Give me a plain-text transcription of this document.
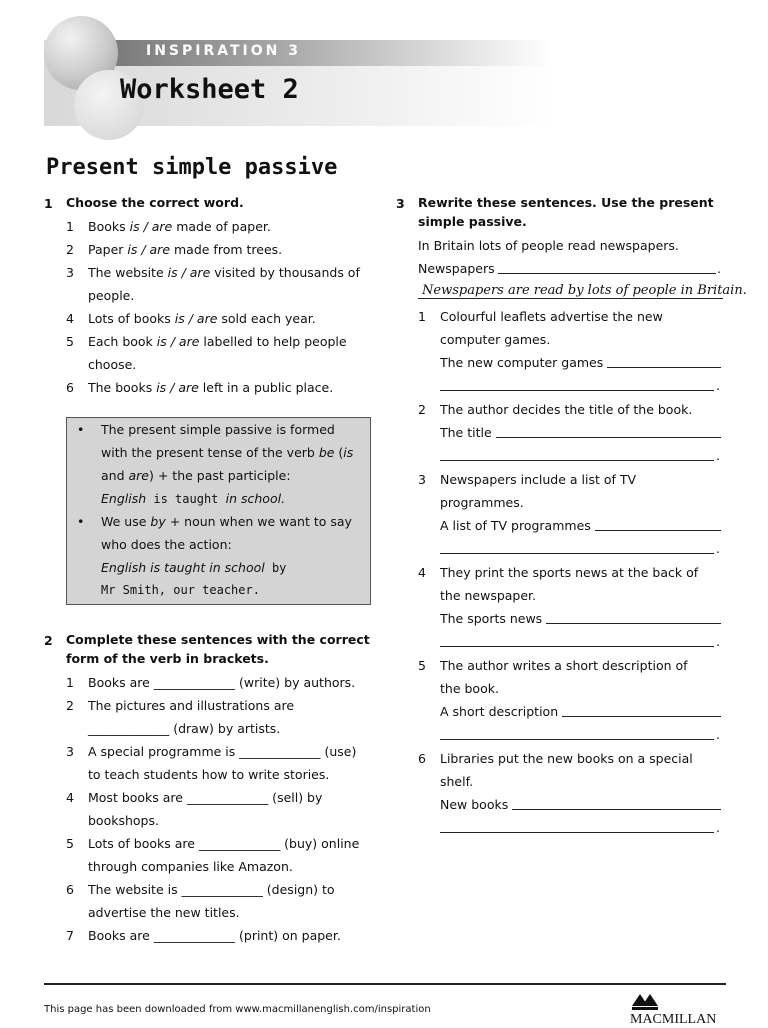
INSPIRATION 3
Worksheet 2
Present simple passive
1 Choose the correct word.
1 Books is / are made of paper.
2 Paper is / are made from trees.
3 The website is / are visited by thousands of
people.
4 Lots of books is / are sold each year.
5 Each book is / are labelled to help people
choose.
6 The books is / are left in a public place.
• The present simple passive is formed
with the present tense of the verb be (is
and are) + the past participle:
English is taught in school.
• We use by + noun when we want to say
who does the action:
English is taught in school by
Mr Smith, our teacher.
2 Complete these sentences with the correct
form of the verb in brackets.
1 Books are _____________ (write) by authors.
2 The pictures and illustrations are
_____________ (draw) by artists.
3 A special programme is _____________ (use)
to teach students how to write stories.
4 Most books are _____________ (sell) by
bookshops.
5 Lots of books are _____________ (buy) online
through companies like Amazon.
6 The website is _____________ (design) to
advertise the new titles.
7 Books are _____________ (print) on paper.
3 Rewrite these sentences. Use the present
simple passive.
In Britain lots of people read newspapers.
Newspapers	.
Newspapers are read by lots of people in Britain.
1 Colourful leaflets advertise the new
computer games.
The new computer games
.
2 The author decides the title of the book.
The title
.
3 Newspapers include a list of TV
programmes.
A list of TV programmes
.
4 They print the sports news at the back of
the newspaper.
The sports news
.
5 The author writes a short description of
the book.
A short description
.
6 Libraries put the new books on a special
shelf.
New books
.
This page has been downloaded from www.macmillanenglish.com/inspiration
MACMILLAN
